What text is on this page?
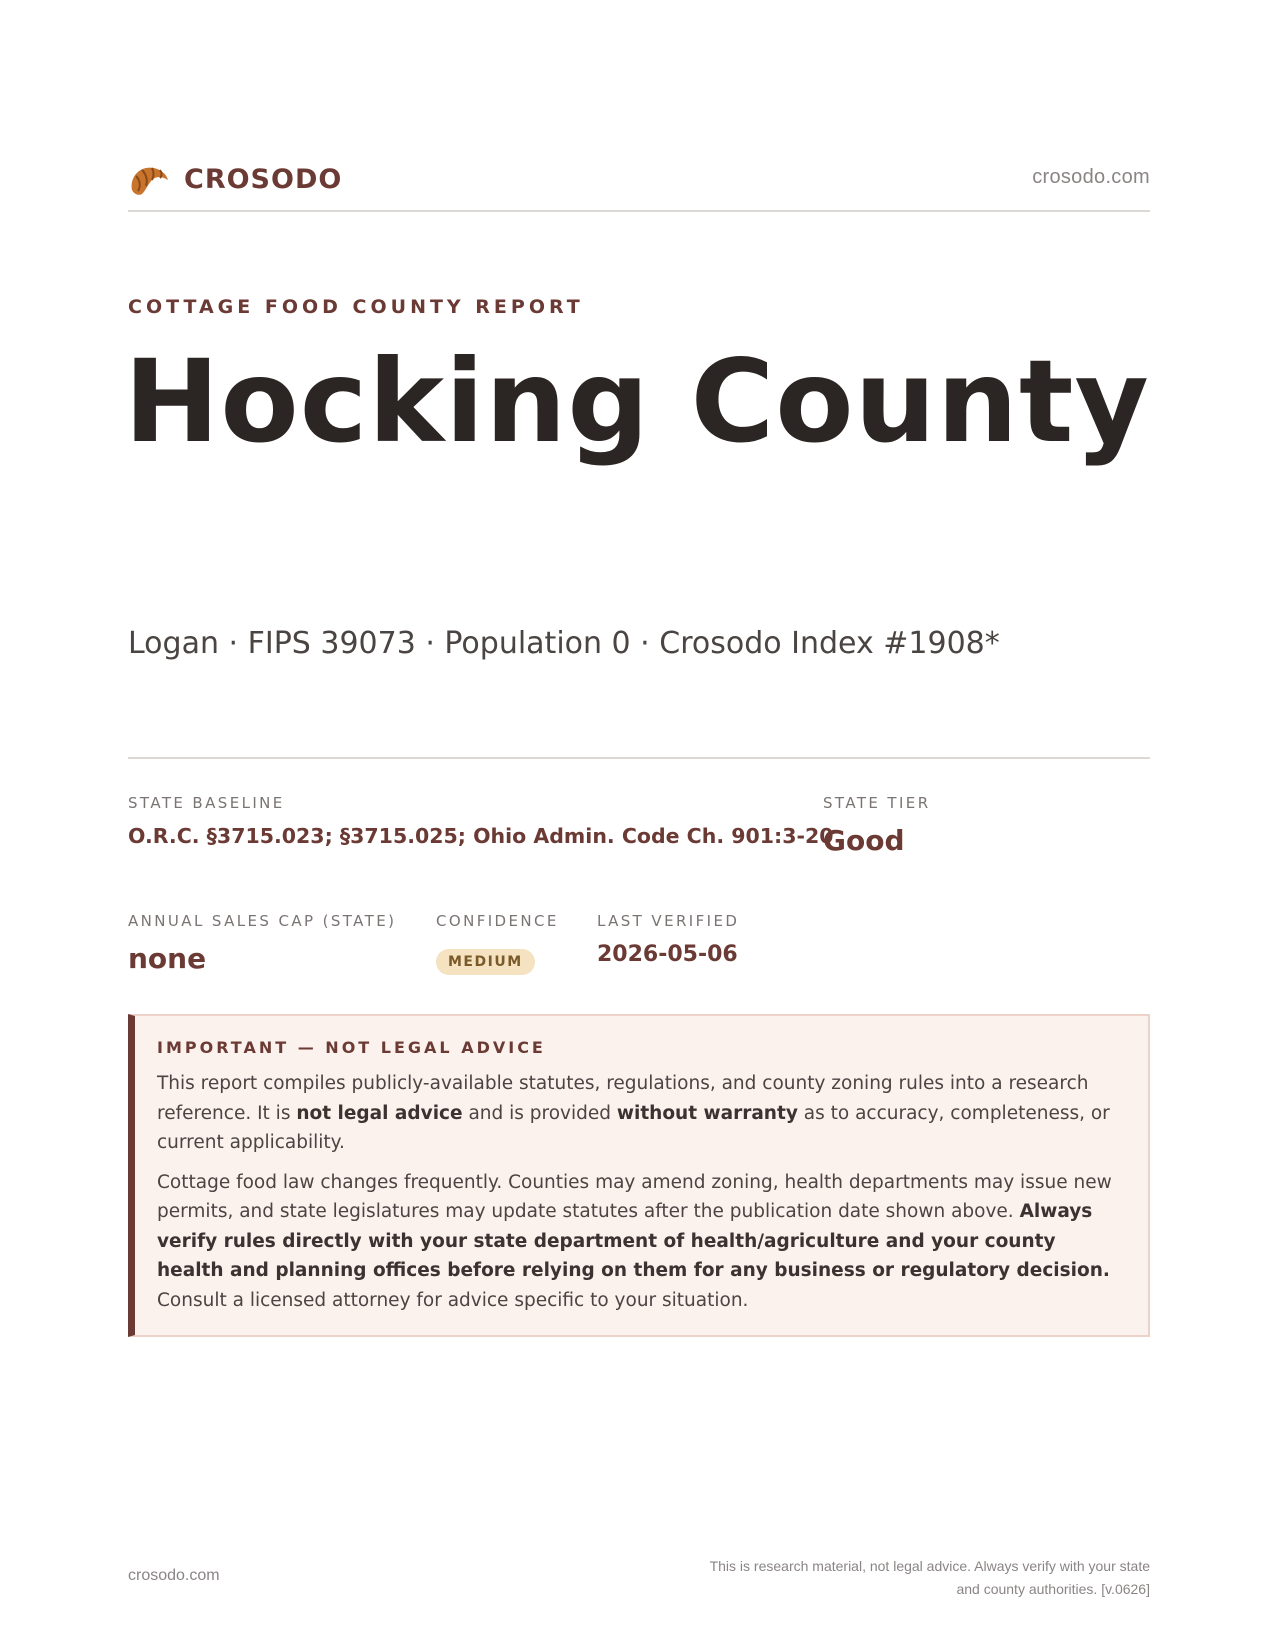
CROSODO	crosodo.com
COTTAGE FOOD COUNTY REPORT
Hocking County
Logan · FIPS 39073 · Population 0 · Crosodo Index #1908*
STATE BASELINE
O.R.C. §3715.023; §3715.025; Ohio Admin. Code Ch. 901:3-20
STATE TIER
Good
ANNUAL SALES CAP (STATE)
none
CONFIDENCE
MEDIUM
LAST VERIFIED
2026-05-06
IMPORTANT — NOT LEGAL ADVICE

This report compiles publicly-available statutes, regulations, and county zoning rules into a research reference. It is not legal advice and is provided without warranty as to accuracy, completeness, or current applicability.

Cottage food law changes frequently. Counties may amend zoning, health departments may issue new permits, and state legislatures may update statutes after the publication date shown above. Always verify rules directly with your state department of health/agriculture and your county health and planning offices before relying on them for any business or regulatory decision. Consult a licensed attorney for advice specific to your situation.

crosodo.com
This is research material, not legal advice. Always verify with your state
and county authorities. [v.0626]
